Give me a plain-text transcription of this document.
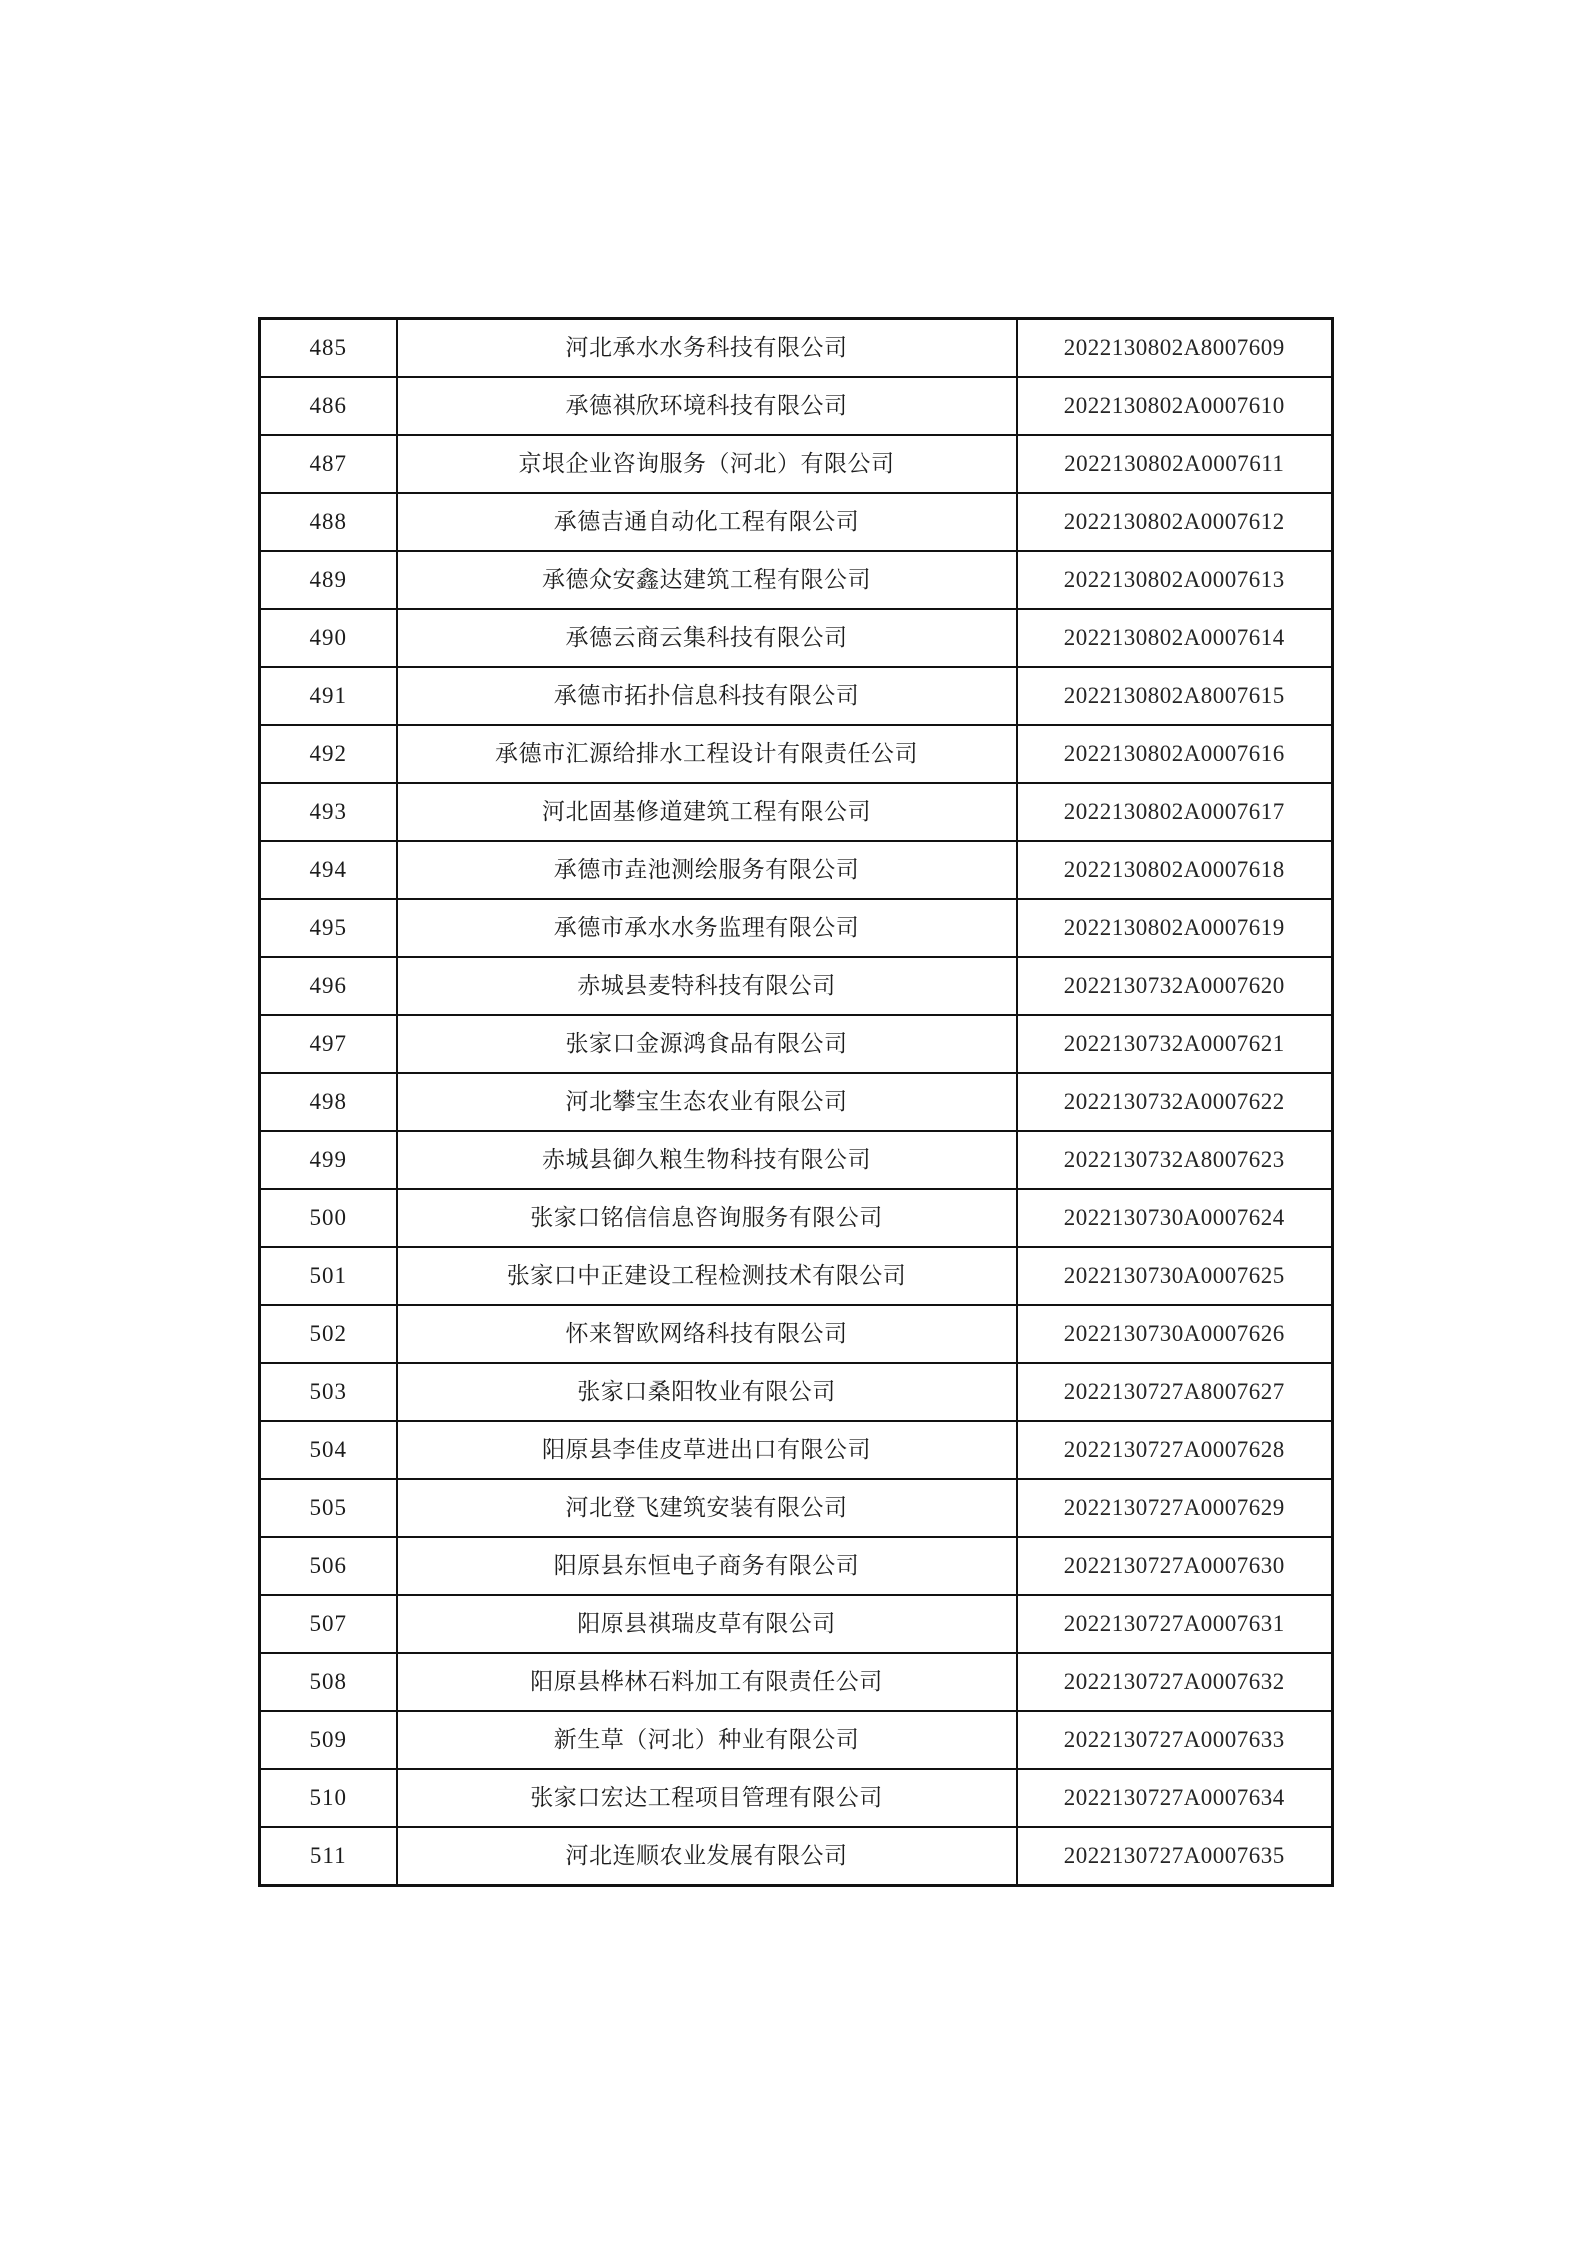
485	河北承水水务科技有限公司	2022130802A8007609
486	承德祺欣环境科技有限公司	2022130802A0007610
487	京垠企业咨询服务（河北）有限公司	2022130802A0007611
488	承德吉通自动化工程有限公司	2022130802A0007612
489	承德众安鑫达建筑工程有限公司	2022130802A0007613
490	承德云商云集科技有限公司	2022130802A0007614
491	承德市拓扑信息科技有限公司	2022130802A8007615
492	承德市汇源给排水工程设计有限责任公司	2022130802A0007616
493	河北固基修道建筑工程有限公司	2022130802A0007617
494	承德市垚池测绘服务有限公司	2022130802A0007618
495	承德市承水水务监理有限公司	2022130802A0007619
496	赤城县麦特科技有限公司	2022130732A0007620
497	张家口金源鸿食品有限公司	2022130732A0007621
498	河北攀宝生态农业有限公司	2022130732A0007622
499	赤城县御久粮生物科技有限公司	2022130732A8007623
500	张家口铭信信息咨询服务有限公司	2022130730A0007624
501	张家口中正建设工程检测技术有限公司	2022130730A0007625
502	怀来智欧网络科技有限公司	2022130730A0007626
503	张家口桑阳牧业有限公司	2022130727A8007627
504	阳原县李佳皮草进出口有限公司	2022130727A0007628
505	河北登飞建筑安装有限公司	2022130727A0007629
506	阳原县东恒电子商务有限公司	2022130727A0007630
507	阳原县祺瑞皮草有限公司	2022130727A0007631
508	阳原县桦林石料加工有限责任公司	2022130727A0007632
509	新生草（河北）种业有限公司	2022130727A0007633
510	张家口宏达工程项目管理有限公司	2022130727A0007634
511	河北连顺农业发展有限公司	2022130727A0007635
